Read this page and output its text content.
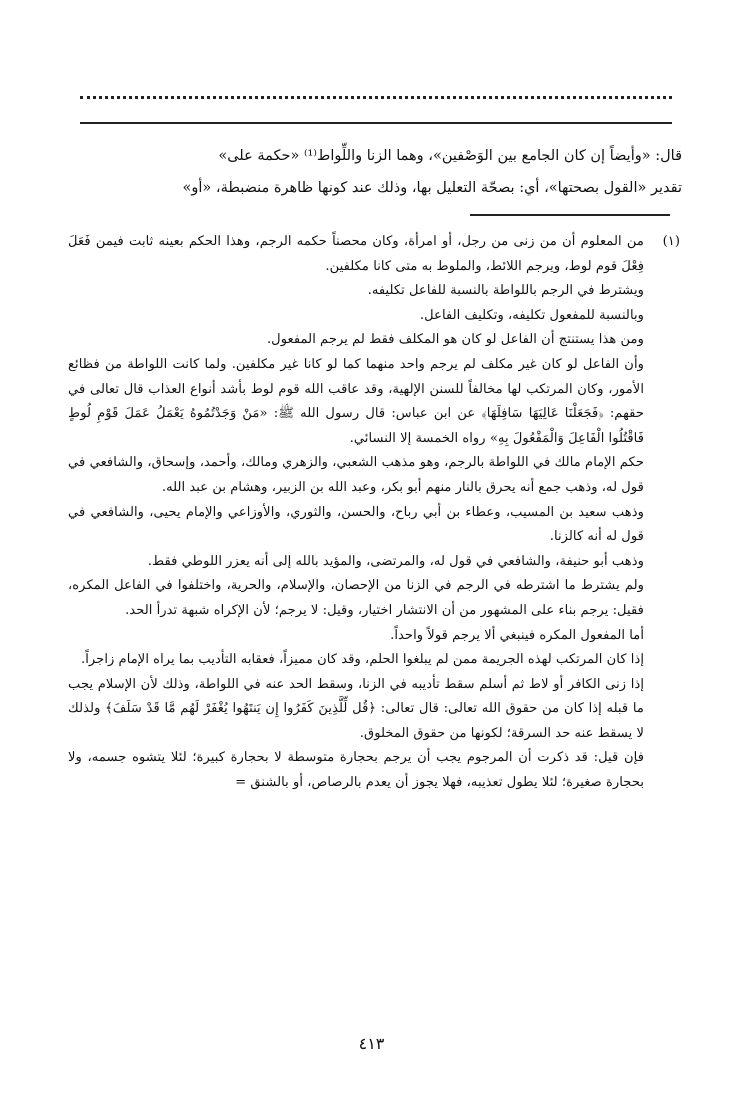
قال: «وأيضاً إن كان الجامع بين الوَصْفين»، وهما الزنا واللِّواط⁽¹⁾ «حكمة على»

تقدير «القول بصحتها»، أي: بصحّة التعليل بها، وذلك عند كونها ظاهرة منضبطة، «أو»

(١)

من المعلوم أن من زنى من رجل، أو امرأة، وكان محصناً حكمه الرجم، وهذا الحكم بعينه ثابت فيمن فَعَلَ فِعْلَ قوم لوط، ويرجم اللائط، والملوط به متى كانا مكلفين.

ويشترط في الرجم باللواطة بالنسبة للفاعل تكليفه.

وبالنسبة للمفعول تكليفه، وتكليف الفاعل.

ومن هذا يستنتج أن الفاعل لو كان هو المكلف فقط لم يرجم المفعول.

وأن الفاعل لو كان غير مكلف لم يرجم واحد منهما كما لو كانا غير مكلفين. ولما كانت اللواطة من فظائع الأمور، وكان المرتكب لها مخالفاً للسنن الإلهية، وقد عاقب الله قوم لوط بأشد أنواع العذاب قال تعالى في حقهم: ﴿فَجَعَلْنَا عَالِيَهَا سَافِلَهَا﴾ عن ابن عباس: قال رسول الله ﷺ: «مَنْ وَجَدْتُمُوهُ يَعْمَلُ عَمَلَ قَوْمِ لُوطٍ فَاقْتُلُوا الْفَاعِلَ وَالْمَفْعُولَ بِهِ» رواه الخمسة إلا النسائي.

حكم الإمام مالك في اللواطة بالرجم، وهو مذهب الشعبي، والزهري ومالك، وأحمد، وإسحاق، والشافعي في قول له، وذهب جمع أنه يحرق بالنار منهم أبو بكر، وعبد الله بن الزبير، وهشام بن عبد الله.

وذهب سعيد بن المسيب، وعطاء بن أبي رباح، والحسن، والثوري، والأوزاعي والإمام يحيى، والشافعي في قول له أنه كالزنا.

وذهب أبو حنيفة، والشافعي في قول له، والمرتضى، والمؤيد بالله إلى أنه يعزر اللوطي فقط.

ولم يشترط ما اشترطه في الرجم في الزنا من الإحصان، والإسلام، والحرية، واختلفوا في الفاعل المكره، فقيل: يرجم بناء على المشهور من أن الانتشار اختيار، وقيل: لا يرجم؛ لأن الإكراه شبهة تدرأ الحد.

أما المفعول المكره فينبغي ألا يرجم قولاً واحداً.

إذا كان المرتكب لهذه الجريمة ممن لم يبلغوا الحلم، وقد كان مميزاً، فعقابه التأديب بما يراه الإمام زاجراً.

إذا زنى الكافر أو لاط ثم أسلم سقط تأديبه في الزنا، وسقط الحد عنه في اللواطة، وذلك لأن الإسلام يجب ما قبله إذا كان من حقوق الله تعالى: قال تعالى: ﴿قُل لِّلَّذِينَ كَفَرُوا إِن يَنتَهُوا يُغْفَرْ لَهُم مَّا قَدْ سَلَفَ﴾ ولذلك لا يسقط عنه حد السرقة؛ لكونها من حقوق المخلوق.

فإن قيل: قد ذكرت أن المرجوم يجب أن يرجم بحجارة متوسطة لا بحجارة كبيرة؛ لئلا يتشوه جسمه، ولا بحجارة صغيرة؛ لئلا يطول تعذيبه، فهلا يجوز أن يعدم بالرصاص، أو بالشنق =

٤١٣
